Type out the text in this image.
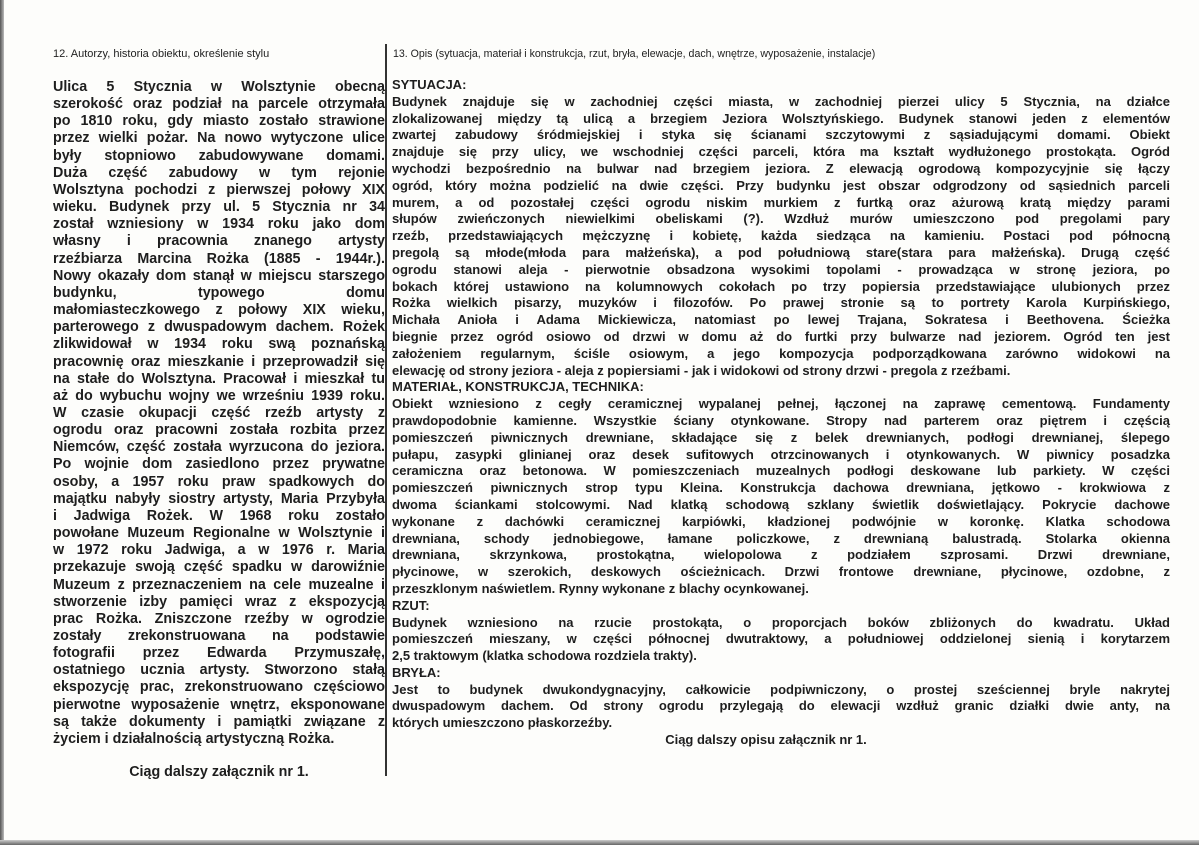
12. Autorzy, historia obiektu, określenie stylu	13. Opis (sytuacja, materiał i konstrukcja, rzut, bryła, elewacje, dach, wnętrze, wyposażenie, instalacje)
Ulica 5 Stycznia w Wolsztynie obecną
szerokość oraz podział na parcele otrzymała
po 1810 roku, gdy miasto zostało strawione
przez wielki pożar. Na nowo wytyczone ulice
były stopniowo zabudowywane domami.
Duża część zabudowy w tym rejonie
Wolsztyna pochodzi z pierwszej połowy XIX
wieku. Budynek przy ul. 5 Stycznia nr 34
został wzniesiony w 1934 roku jako dom
własny i pracownia znanego artysty
rzeźbiarza Marcina Rożka (1885 - 1944r.).
Nowy okazały dom stanął w miejscu starszego
budynku, typowego domu
małomiasteczkowego z połowy XIX wieku,
parterowego z dwuspadowym dachem. Rożek
zlikwidował w 1934 roku swą poznańską
pracownię oraz mieszkanie i przeprowadził się
na stałe do Wolsztyna. Pracował i mieszkał tu
aż do wybuchu wojny we wrześniu 1939 roku.
W czasie okupacji część rzeźb artysty z
ogrodu oraz pracowni została rozbita przez
Niemców, część została wyrzucona do jeziora.
Po wojnie dom zasiedlono przez prywatne
osoby, a 1957 roku praw spadkowych do
majątku nabyły siostry artysty, Maria Przybyła
i Jadwiga Rożek. W 1968 roku zostało
powołane Muzeum Regionalne w Wolsztynie i
w 1972 roku Jadwiga, a w 1976 r. Maria
przekazuje swoją część spadku w darowiźnie
Muzeum z przeznaczeniem na cele muzealne i
stworzenie izby pamięci wraz z ekspozycją
prac Rożka. Zniszczone rzeźby w ogrodzie
zostały zrekonstruowana na podstawie
fotografii przez Edwarda Przymuszałę,
ostatniego ucznia artysty. Stworzono stałą
ekspozycję prac, zrekonstruowano częściowo
pierwotne wyposażenie wnętrz, eksponowane
są także dokumenty i pamiątki związane z
życiem i działalnością artystyczną Rożka.
Ciąg dalszy załącznik nr 1.
SYTUACJA:
Budynek znajduje się w zachodniej części miasta, w zachodniej pierzei ulicy 5 Stycznia, na działce
zlokalizowanej między tą ulicą a brzegiem Jeziora Wolsztyńskiego. Budynek stanowi jeden z elementów
zwartej zabudowy śródmiejskiej i styka się ścianami szczytowymi z sąsiadującymi domami. Obiekt
znajduje się przy ulicy, we wschodniej części parceli, która ma kształt wydłużonego prostokąta. Ogród
wychodzi bezpośrednio na bulwar nad brzegiem jeziora. Z elewacją ogrodową kompozycyjnie się łączy
ogród, który można podzielić na dwie części. Przy budynku jest obszar odgrodzony od sąsiednich parceli
murem, a od pozostałej części ogrodu niskim murkiem z furtką oraz ażurową kratą między parami
słupów zwieńczonych niewielkimi obeliskami (?). Wzdłuż murów umieszczono pod pregolami pary
rzeźb, przedstawiających mężczyznę i kobietę, każda siedząca na kamieniu. Postaci pod północną
pregolą są młode(młoda para małżeńska), a pod południową stare(stara para małżeńska). Drugą część
ogrodu stanowi aleja - pierwotnie obsadzona wysokimi topolami - prowadząca w stronę jeziora, po
bokach której ustawiono na kolumnowych cokołach po trzy popiersia przedstawiające ulubionych przez
Rożka wielkich pisarzy, muzyków i filozofów. Po prawej stronie są to portrety Karola Kurpińskiego,
Michała Anioła i Adama Mickiewicza, natomiast po lewej Trajana, Sokratesa i Beethovena. Ścieżka
biegnie przez ogród osiowo od drzwi w domu aż do furtki przy bulwarze nad jeziorem. Ogród ten jest
założeniem regularnym, ściśle osiowym, a jego kompozycja podporządkowana zarówno widokowi na
elewację od strony jeziora - aleja z popiersiami - jak i widokowi od strony drzwi - pregola z rzeźbami.
MATERIAŁ, KONSTRUKCJA, TECHNIKA:
Obiekt wzniesiono z cegły ceramicznej wypalanej pełnej, łączonej na zaprawę cementową. Fundamenty
prawdopodobnie kamienne. Wszystkie ściany otynkowane. Stropy nad parterem oraz piętrem i częścią
pomieszczeń piwnicznych drewniane, składające się z belek drewnianych, podłogi drewnianej, ślepego
pułapu, zasypki glinianej oraz desek sufitowych otrzcinowanych i otynkowanych. W piwnicy posadzka
ceramiczna oraz betonowa. W pomieszczeniach muzealnych podłogi deskowane lub parkiety. W części
pomieszczeń piwnicznych strop typu Kleina. Konstrukcja dachowa drewniana, jętkowo - krokwiowa z
dwoma ściankami stolcowymi. Nad klatką schodową szklany świetlik doświetlający. Pokrycie dachowe
wykonane z dachówki ceramicznej karpiówki, kładzionej podwójnie w koronkę. Klatka schodowa
drewniana, schody jednobiegowe, łamane policzkowe, z drewnianą balustradą. Stolarka okienna
drewniana, skrzynkowa, prostokątna, wielopolowa z podziałem szprosami. Drzwi drewniane,
płycinowe, w szerokich, deskowych ościeżnicach. Drzwi frontowe drewniane, płycinowe, ozdobne, z
przeszklonym naświetlem. Rynny wykonane z blachy ocynkowanej.
RZUT:
Budynek wzniesiono na rzucie prostokąta, o proporcjach boków zbliżonych do kwadratu. Układ
pomieszczeń mieszany, w części północnej dwutraktowy, a południowej oddzielonej sienią i korytarzem
2,5 traktowym (klatka schodowa rozdziela trakty).
BRYŁA:
Jest to budynek dwukondygnacyjny, całkowicie podpiwniczony, o prostej sześciennej bryle nakrytej
dwuspadowym dachem. Od strony ogrodu przylegają do elewacji wzdłuż granic działki dwie anty, na
których umieszczono płaskorzeźby.
Ciąg dalszy opisu załącznik nr 1.
